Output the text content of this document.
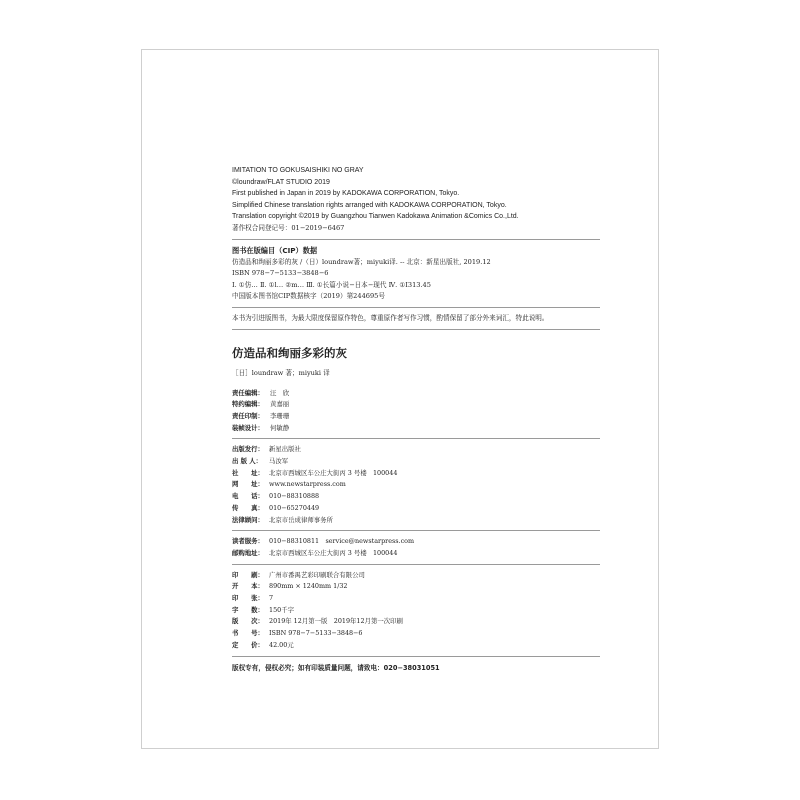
IMITATION TO GOKUSAISHIKI NO GRAY
©loundraw/FLAT STUDIO 2019
First published in Japan in 2019 by KADOKAWA CORPORATION, Tokyo.
Simplified Chinese translation rights arranged with KADOKAWA CORPORATION, Tokyo.
Translation copyright ©2019 by Guangzhou Tianwen Kadokawa Animation &Comics Co.,Ltd.
著作权合同登记号：01−2019−6467
图书在版编目（CIP）数据
仿造品和绚丽多彩的灰 /（日）loundraw著；miyuki译. -- 北京：新星出版社, 2019.12
ISBN 978−7−5133−3848−6
Ⅰ. ①仿… Ⅱ. ①l… ②m… Ⅲ. ①长篇小说−日本−现代 Ⅳ. ①I313.45
中国版本图书馆CIP数据核字（2019）第244695号
本书为引进版图书，为最大限度保留原作特色，尊重原作者写作习惯，酌情保留了部分外来词汇，特此说明。
仿造品和绚丽多彩的灰
［日］loundraw 著；miyuki 译
责任编辑： 汪　欣
特约编辑： 黄嘉丽
责任印制： 李珊珊
装帧设计： 何敏静
出版发行： 新星出版社
出 版 人： 马汝军
社　　址： 北京市西城区车公庄大街丙 3 号楼　100044
网　　址： www.newstarpress.com
电　　话： 010−88310888
传　　真： 010−65270449
法律顾问： 北京市岳成律师事务所
读者服务： 010−88310811　service@newstarpress.com
邮购地址： 北京市西城区车公庄大街丙 3 号楼　100044
印　　刷： 广州市番禺艺彩印刷联合有限公司
开　　本： 890mm × 1240mm 1/32
印　　张： 7
字　　数： 150千字
版　　次： 2019年 12月第一版　2019年12月第一次印刷
书　　号： ISBN 978−7−5133−3848−6
定　　价： 42.00元
版权专有，侵权必究；如有印装质量问题，请致电：020−38031051
